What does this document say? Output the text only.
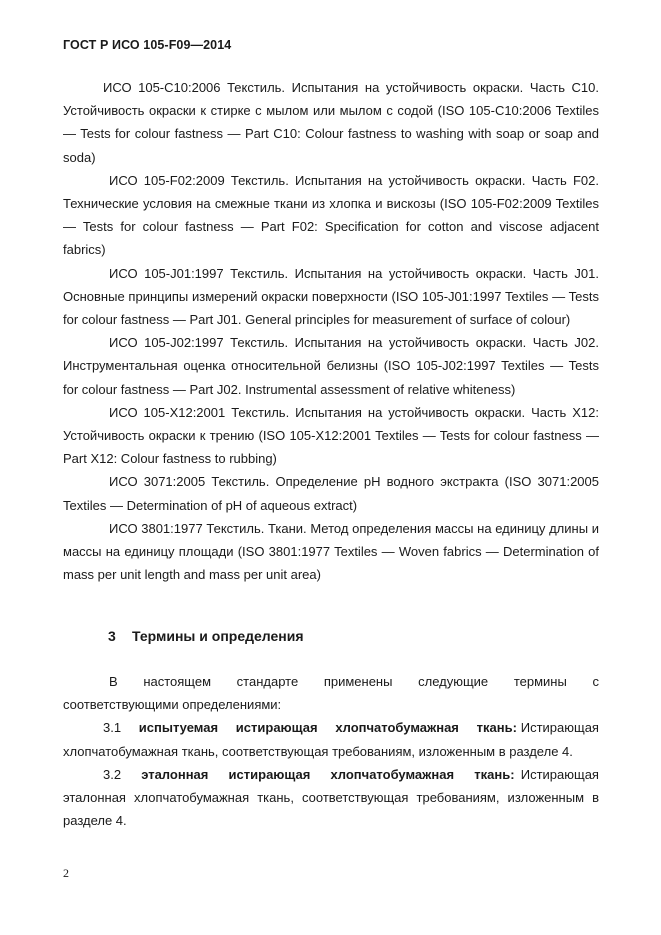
ГОСТ Р ИСО 105-F09—2014

ИСО 105-C10:2006 Текстиль. Испытания на устойчивость окраски. Часть C10. Устойчивость окраски к стирке с мылом или мылом с содой (ISO 105-C10:2006 Textiles — Tests for colour fastness — Part C10: Colour fastness to washing with soap or soap and soda)

ИСО 105-F02:2009 Текстиль. Испытания на устойчивость окраски. Часть F02. Технические условия на смежные ткани из хлопка и вискозы (ISO 105-F02:2009 Textiles — Tests for colour fastness — Part F02: Specification for cotton and viscose adjacent fabrics)

ИСО 105-J01:1997 Текстиль. Испытания на устойчивость окраски. Часть J01. Основные принципы измерений окраски поверхности (ISO 105-J01:1997 Textiles — Tests for colour fastness — Part J01. General principles for measurement of surface of colour)

ИСО 105-J02:1997 Текстиль. Испытания на устойчивость окраски. Часть J02. Инструментальная оценка относительной белизны (ISO 105-J02:1997 Textiles — Tests for colour fastness — Part J02. Instrumental assessment of relative whiteness)

ИСО 105-X12:2001 Текстиль. Испытания на устойчивость окраски. Часть X12: Устойчивость окраски к трению (ISO 105-X12:2001 Textiles — Tests for colour fastness — Part X12: Colour fastness to rubbing)

ИСО 3071:2005 Текстиль. Определение pH водного экстракта (ISO 3071:2005 Textiles — Determination of pH of aqueous extract)

ИСО 3801:1977 Текстиль. Ткани. Метод определения массы на единицу длины и массы на единицу площади (ISO 3801:1977 Textiles — Woven fabrics — Determination of mass per unit length and mass per unit area)

3 Термины и определения
В настоящем стандарте применены следующие термины с
соответствующими определениями:

3.1 испытуемая истирающая хлопчатобумажная ткань: Истирающая хлопчатобумажная ткань, соответствующая требованиям, изложенным в разделе 4.

3.2 эталонная истирающая хлопчатобумажная ткань: Истирающая эталонная хлопчатобумажная ткань, соответствующая требованиям, изложенным в разделе 4.

2
